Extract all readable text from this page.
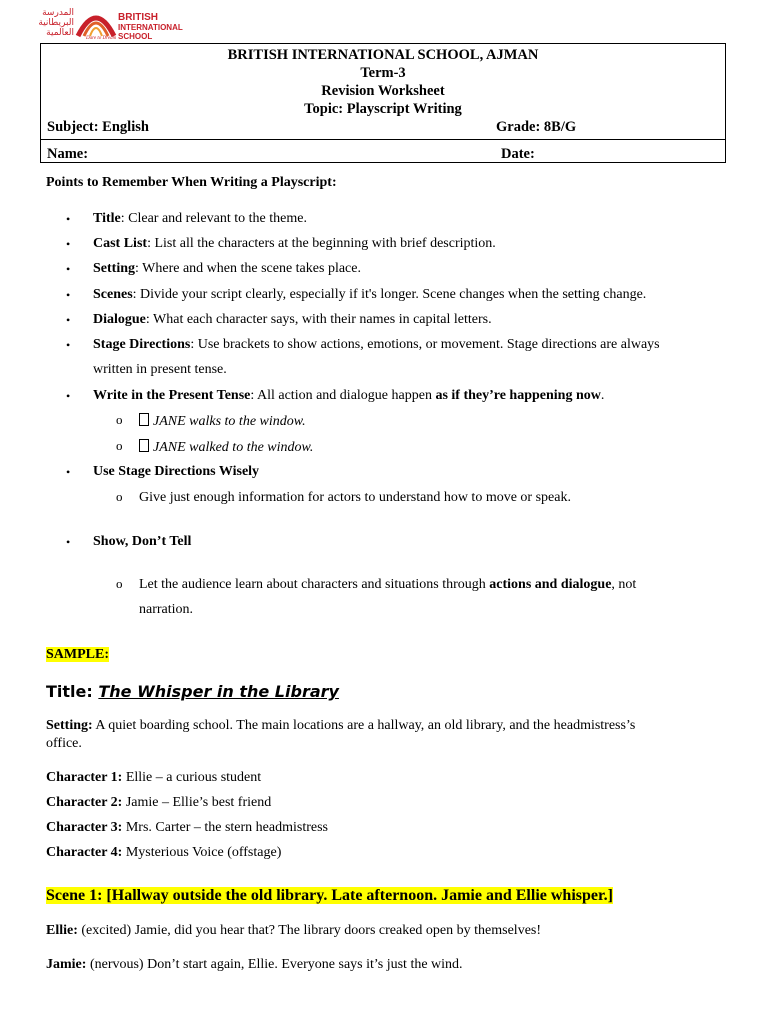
المدرسة
البريطانية
العالمية
Dare to Dream
BRITISH
INTERNATIONAL
SCHOOL
BRITISH INTERNATIONAL SCHOOL, AJMAN
Term-3
Revision Worksheet
Topic: Playscript Writing
Subject: English	Grade: 8B/G
Name:	Date:
Points to Remember When Writing a Playscript:
• Title: Clear and relevant to the theme.
• Cast List: List all the characters at the beginning with brief description.
• Setting: Where and when the scene takes place.
• Scenes: Divide your script clearly, especially if it's longer. Scene changes when the setting change.
• Dialogue: What each character says, with their names in capital letters.
• Stage Directions: Use brackets to show actions, emotions, or movement. Stage directions are always
written in present tense.
• Write in the Present Tense: All action and dialogue happen as if they’re happening now.
o	JANE walks to the window.
o	JANE walked to the window.
• Use Stage Directions Wisely
o Give just enough information for actors to understand how to move or speak.
• Show, Don’t Tell
o Let the audience learn about characters and situations through actions and dialogue, not
narration.
SAMPLE:
Title: The Whisper in the Library
Setting: A quiet boarding school. The main locations are a hallway, an old library, and the headmistress’s
office.
Character 1: Ellie – a curious student
Character 2: Jamie – Ellie’s best friend
Character 3: Mrs. Carter – the stern headmistress
Character 4: Mysterious Voice (offstage)
Scene 1: [Hallway outside the old library. Late afternoon. Jamie and Ellie whisper.]
Ellie: (excited) Jamie, did you hear that? The library doors creaked open by themselves!
Jamie: (nervous) Don’t start again, Ellie. Everyone says it’s just the wind.
